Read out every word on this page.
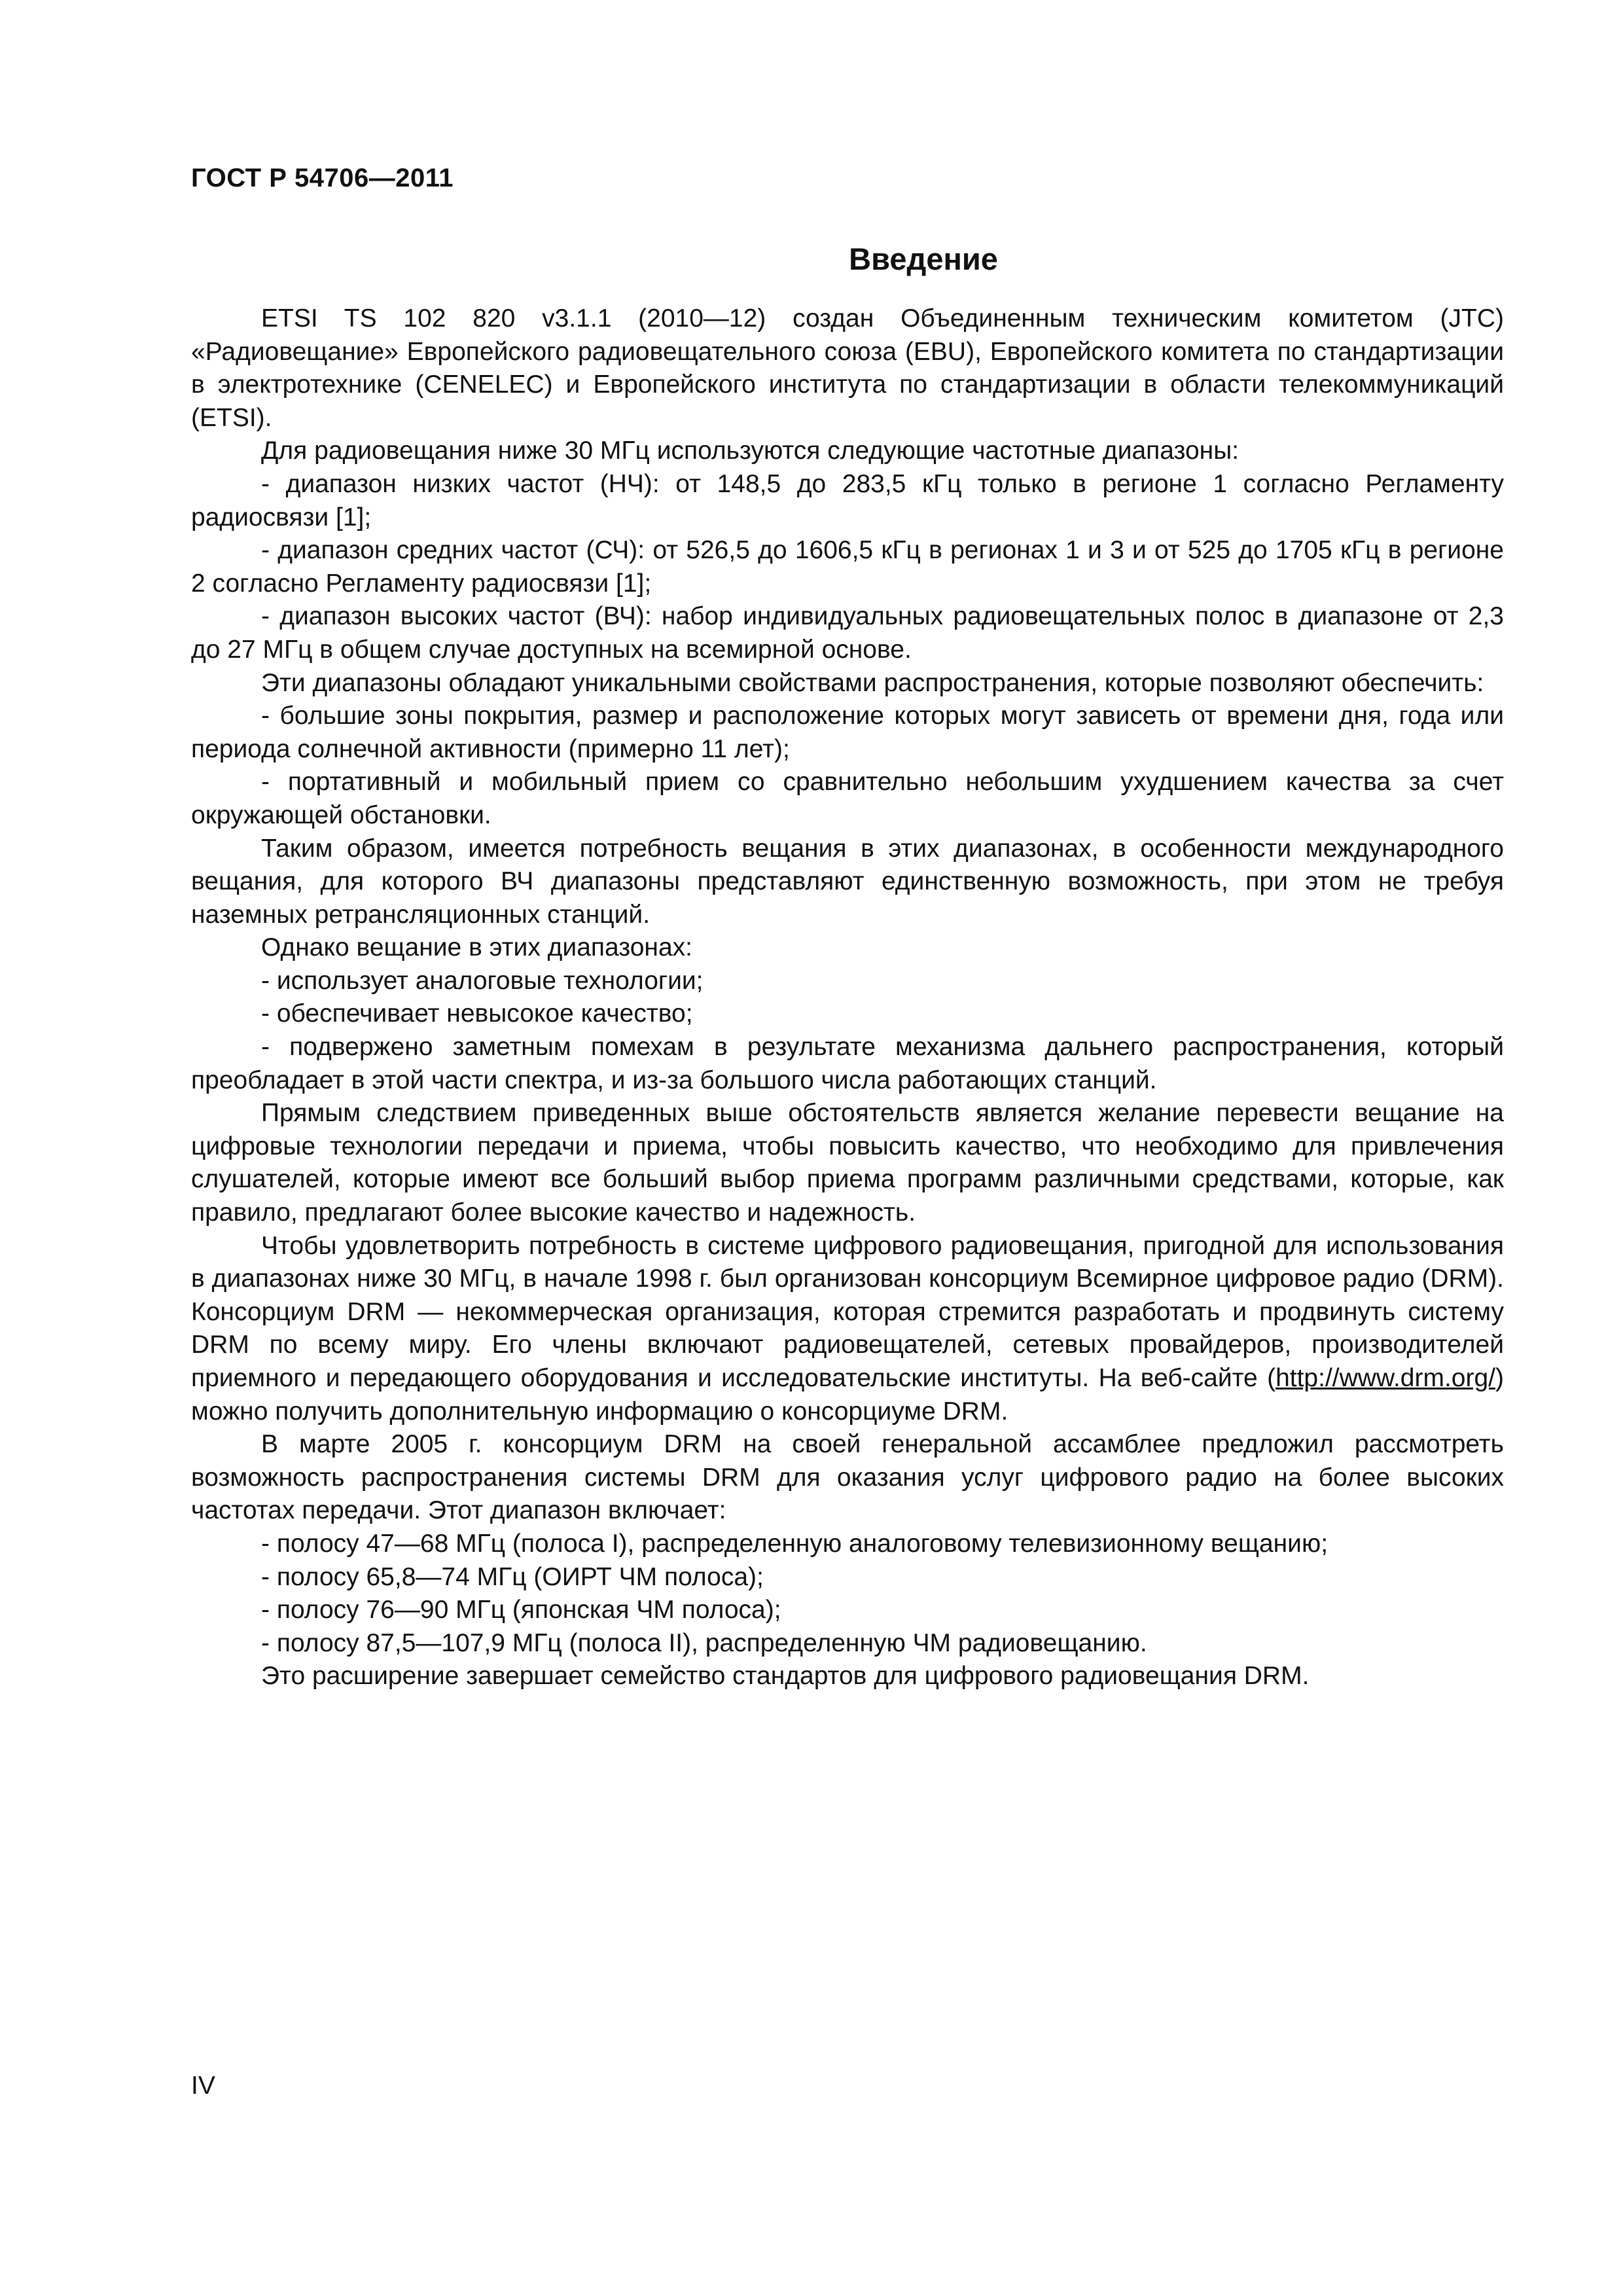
ГОСТ Р 54706—2011
Введение

ETSI TS 102 820 v3.1.1 (2010—12) создан Объединенным техническим комитетом (JTC) «Радиовещание» Европейского радиовещательного союза (EBU), Европейского комитета по стандартизации в электротехнике (CENELEC) и Европейского института по стандартизации в области телекоммуникаций (ETSI).

Для радиовещания ниже 30 МГц используются следующие частотные диапазоны:

- диапазон низких частот (НЧ): от 148,5 до 283,5 кГц только в регионе 1 согласно Регламенту радиосвязи [1];

- диапазон средних частот (СЧ): от 526,5 до 1606,5 кГц в регионах 1 и 3 и от 525 до 1705 кГц в регионе 2 согласно Регламенту радиосвязи [1];

- диапазон высоких частот (ВЧ): набор индивидуальных радиовещательных полос в диапазоне от 2,3 до 27 МГц в общем случае доступных на всемирной основе.

Эти диапазоны обладают уникальными свойствами распространения, которые позволяют обеспечить:

- большие зоны покрытия, размер и расположение которых могут зависеть от времени дня, года или периода солнечной активности (примерно 11 лет);

- портативный и мобильный прием со сравнительно небольшим ухудшением качества за счет окружающей обстановки.

Таким образом, имеется потребность вещания в этих диапазонах, в особенности международного вещания, для которого ВЧ диапазоны представляют единственную возможность, при этом не требуя наземных ретрансляционных станций.

Однако вещание в этих диапазонах:

- использует аналоговые технологии;

- обеспечивает невысокое качество;

- подвержено заметным помехам в результате механизма дальнего распространения, который преобладает в этой части спектра, и из-за большого числа работающих станций.

Прямым следствием приведенных выше обстоятельств является желание перевести вещание на цифровые технологии передачи и приема, чтобы повысить качество, что необходимо для привлечения слушателей, которые имеют все больший выбор приема программ различными средствами, которые, как правило, предлагают более высокие качество и надежность.

Чтобы удовлетворить потребность в системе цифрового радиовещания, пригодной для использования в диапазонах ниже 30 МГц, в начале 1998 г. был организован консорциум Всемирное цифровое радио (DRM). Консорциум DRM — некоммерческая организация, которая стремится разработать и продвинуть систему DRM по всему миру. Его члены включают радиовещателей, сетевых провайдеров, производителей приемного и передающего оборудования и исследовательские институты. На веб-сайте (http://www.drm.org/) можно получить дополнительную информацию о консорциуме DRM.

В марте 2005 г. консорциум DRM на своей генеральной ассамблее предложил рассмотреть возможность распространения системы DRM для оказания услуг цифрового радио на более высоких частотах передачи. Этот диапазон включает:

- полосу 47—68 МГц (полоса I), распределенную аналоговому телевизионному вещанию;

- полосу 65,8—74 МГц (ОИРТ ЧМ полоса);

- полосу 76—90 МГц (японская ЧМ полоса);

- полосу 87,5—107,9 МГц (полоса II), распределенную ЧМ радиовещанию.

Это расширение завершает семейство стандартов для цифрового радиовещания DRM.

IV
